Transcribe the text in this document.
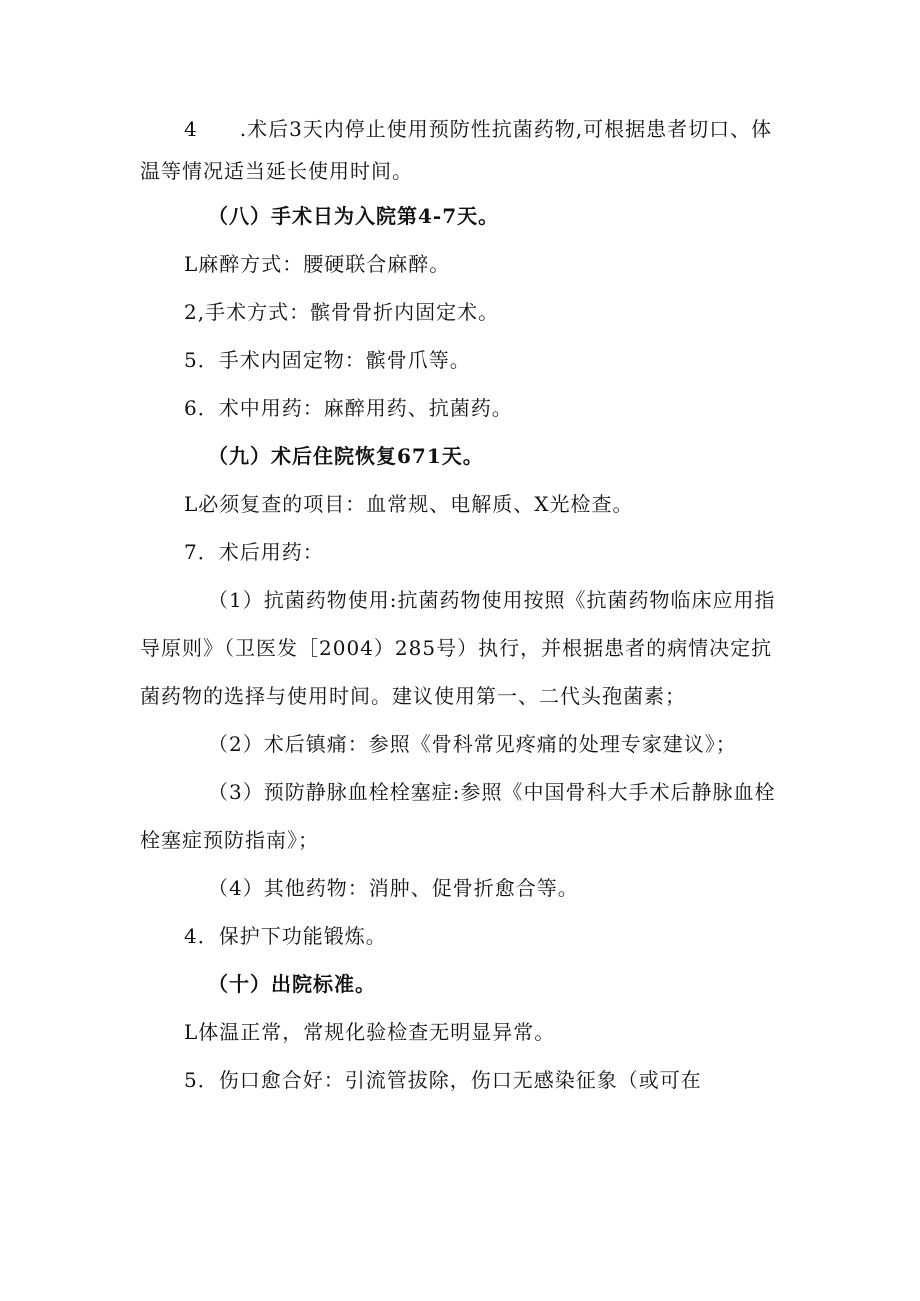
4　　.术后3天内停止使用预防性抗菌药物,可根据患者切口、体温等情况适当延长使用时间。

（八）手术日为入院第4-7天。

L麻醉方式：腰硬联合麻醉。

2,手术方式：髌骨骨折内固定术。

5．手术内固定物：髌骨爪等。

6．术中用药：麻醉用药、抗菌药。

（九）术后住院恢复671天。

L必须复查的项目：血常规、电解质、X光检查。

7．术后用药：

（1）抗菌药物使用:抗菌药物使用按照《抗菌药物临床应用指导原则》（卫医发［2004）285号）执行，并根据患者的病情决定抗菌药物的选择与使用时间。建议使用第一、二代头孢菌素；

（2）术后镇痛：参照《骨科常见疼痛的处理专家建议》；

（3）预防静脉血栓栓塞症:参照《中国骨科大手术后静脉血栓栓塞症预防指南》；

（4）其他药物：消肿、促骨折愈合等。

4．保护下功能锻炼。

（十）出院标准。

L体温正常，常规化验检查无明显异常。

5．伤口愈合好：引流管拔除，伤口无感染征象（或可在
